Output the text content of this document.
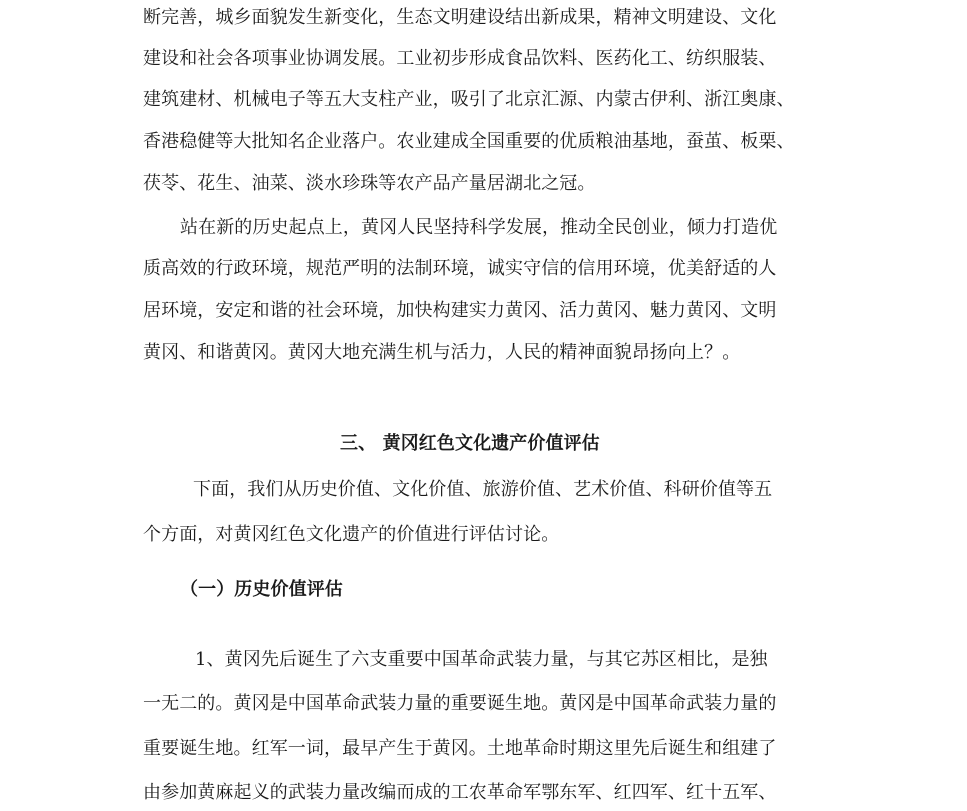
断完善，城乡面貌发生新变化，生态文明建设结出新成果，精神文明建设、文化
建设和社会各项事业协调发展。工业初步形成食品饮料、医药化工、纺织服装、
建筑建材、机械电子等五大支柱产业，吸引了北京汇源、内蒙古伊利、浙江奥康、
香港稳健等大批知名企业落户。农业建成全国重要的优质粮油基地，蚕茧、板栗、
茯苓、花生、油菜、淡水珍珠等农产品产量居湖北之冠。
站在新的历史起点上，黄冈人民坚持科学发展，推动全民创业，倾力打造优
质高效的行政环境，规范严明的法制环境，诚实守信的信用环境，优美舒适的人
居环境，安定和谐的社会环境，加快构建实力黄冈、活力黄冈、魅力黄冈、文明
黄冈、和谐黄冈。黄冈大地充满生机与活力，人民的精神面貌昂扬向上？。
三、 黄冈红色文化遗产价值评估
下面，我们从历史价值、文化价值、旅游价值、艺术价值、科研价值等五
个方面，对黄冈红色文化遗产的价值进行评估讨论。
（一）历史价值评估
1、黄冈先后诞生了六支重要中国革命武装力量，与其它苏区相比，是独
一无二的。黄冈是中国革命武装力量的重要诞生地。黄冈是中国革命武装力量的
重要诞生地。红军一词，最早产生于黄冈。土地革命时期这里先后诞生和组建了
由参加黄麻起义的武装力量改编而成的工农革命军鄂东军、红四军、红十五军、
